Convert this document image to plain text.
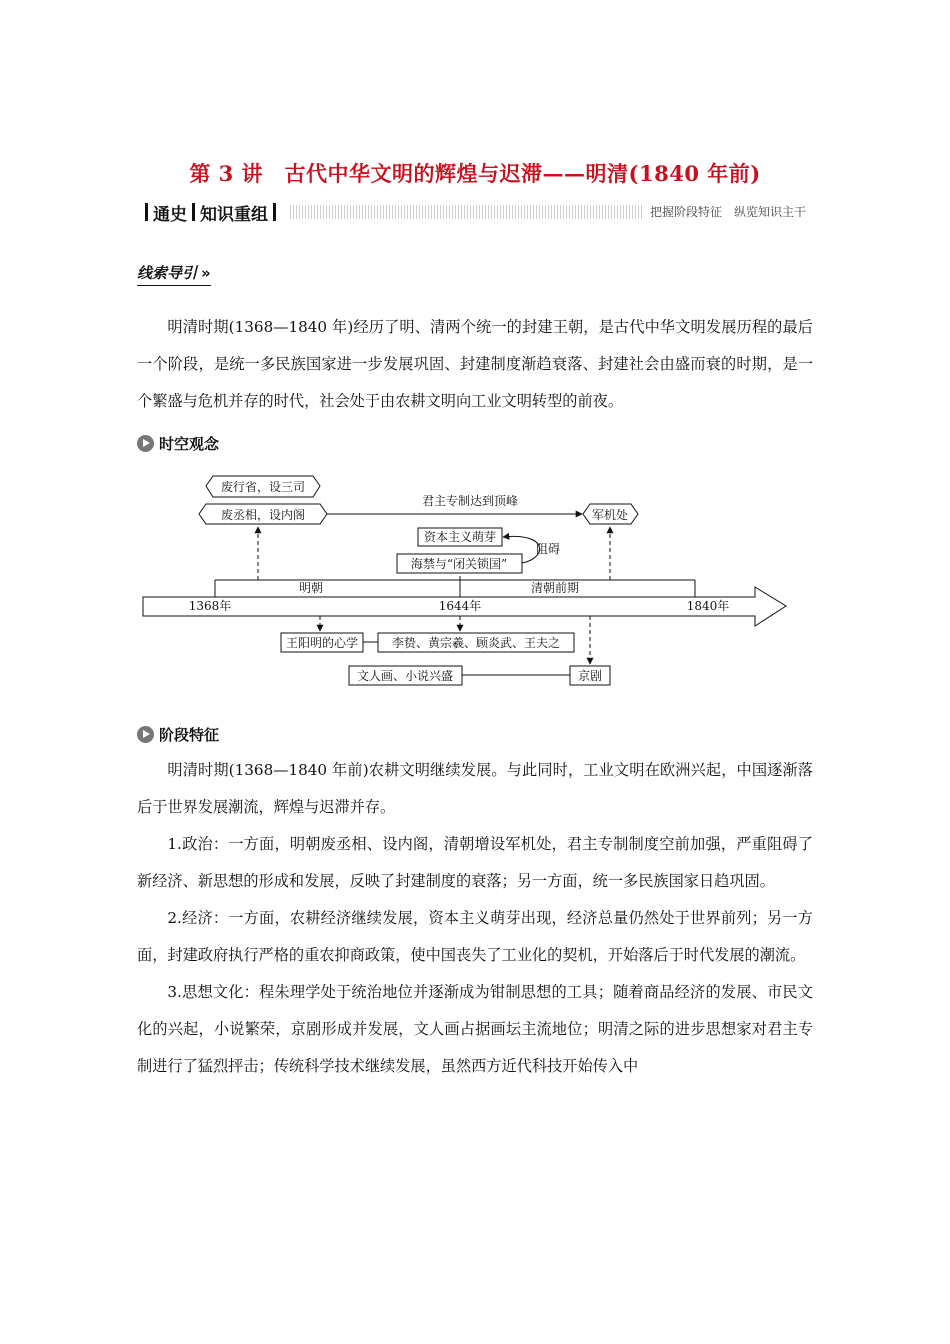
第 3 讲　古代中华文明的辉煌与迟滞——明清(1840 年前)
通史 知识重组	把握阶段特征　纵览知识主干
线索导引 »

明清时期(1368—1840 年)经历了明、清两个统一的封建王朝，是古代中华文明发展历程的最后一个阶段，是统一多民族国家进一步发展巩固、封建制度渐趋衰落、封建社会由盛而衰的时期，是一个繁盛与危机并存的时代，社会处于由农耕文明向工业文明转型的前夜。

时空观念
废行省，设三司
废丞相，设内阁
君主专制达到顶峰
军机处
资本主义萌芽
海禁与“闭关锁国”
阻碍
明朝	清朝前期
1368年	1644年	1840年
王阳明的心学	李贽、黄宗羲、顾炎武、王夫之
文人画、小说兴盛	京剧
阶段特征

明清时期(1368—1840 年前)农耕文明继续发展。与此同时，工业文明在欧洲兴起，中国逐渐落后于世界发展潮流，辉煌与迟滞并存。

1.政治：一方面，明朝废丞相、设内阁，清朝增设军机处，君主专制制度空前加强，严重阻碍了新经济、新思想的形成和发展，反映了封建制度的衰落；另一方面，统一多民族国家日趋巩固。

2.经济：一方面，农耕经济继续发展，资本主义萌芽出现，经济总量仍然处于世界前列；另一方面，封建政府执行严格的重农抑商政策，使中国丧失了工业化的契机，开始落后于时代发展的潮流。

3.思想文化：程朱理学处于统治地位并逐渐成为钳制思想的工具；随着商品经济的发展、市民文化的兴起，小说繁荣，京剧形成并发展，文人画占据画坛主流地位；明清之际的进步思想家对君主专制进行了猛烈抨击；传统科学技术继续发展，虽然西方近代科技开始传入中
